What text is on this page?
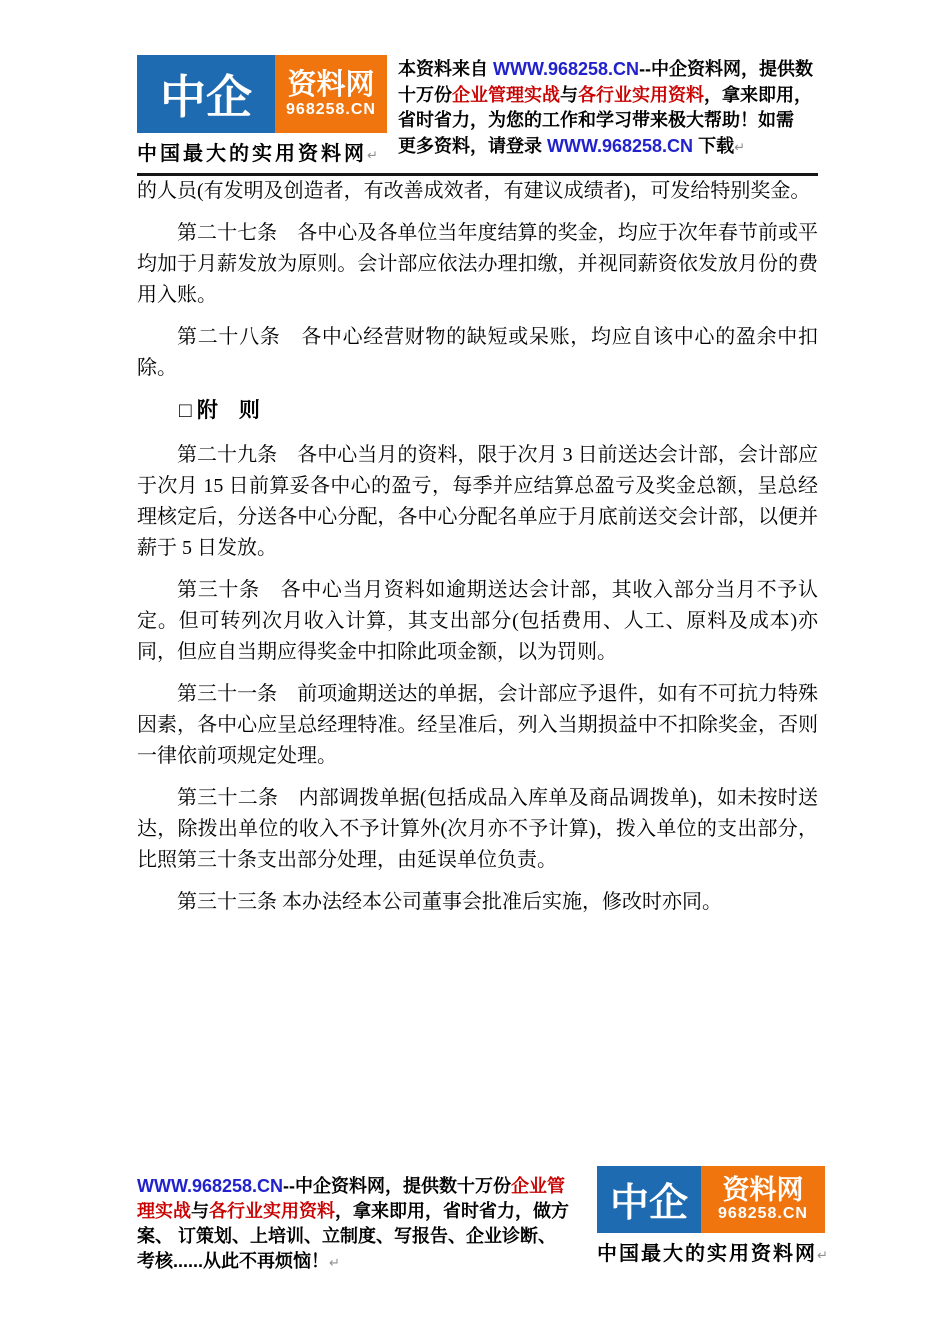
中企 资料网
968258.CN
中国最大的实用资料网↵
本资料来自 WWW.968258.CN--中企资料网，提供数
十万份企业管理实战与各行业实用资料，拿来即用，
省时省力，为您的工作和学习带来极大帮助！如需
更多资料，请登录 WWW.968258.CN 下载↵

的人员(有发明及创造者，有改善成效者，有建议成绩者)，可发给特别奖金。

第二十七条　各中心及各单位当年度结算的奖金，均应于次年春节前或平均加于月薪发放为原则。会计部应依法办理扣缴，并视同薪资依发放月份的费用入账。

第二十八条　各中心经营财物的缺短或呆账，均应自该中心的盈余中扣除。

□ 附　则

第二十九条　各中心当月的资料，限于次月 3 日前送达会计部，会计部应于次月 15 日前算妥各中心的盈亏，每季并应结算总盈亏及奖金总额，呈总经理核定后，分送各中心分配，各中心分配名单应于月底前送交会计部，以便并薪于 5 日发放。

第三十条　各中心当月资料如逾期送达会计部，其收入部分当月不予认定。但可转列次月收入计算，其支出部分(包括费用、人工、原料及成本)亦同，但应自当期应得奖金中扣除此项金额，以为罚则。

第三十一条　前项逾期送达的单据，会计部应予退件，如有不可抗力特殊因素，各中心应呈总经理特准。经呈准后，列入当期损益中不扣除奖金，否则一律依前项规定处理。

第三十二条　内部调拨单据(包括成品入库单及商品调拨单)，如未按时送达，除拨出单位的收入不予计算外(次月亦不予计算)，拨入单位的支出部分，比照第三十条支出部分处理，由延误单位负责。

第三十三条 本办法经本公司董事会批准后实施，修改时亦同。

WWW.968258.CN--中企资料网，提供数十万份企业管
理实战与各行业实用资料，拿来即用，省时省力，做方
案、 订策划、上培训、立制度、写报告、企业诊断、
考核......从此不再烦恼！↵
中企 资料网
968258.CN
中国最大的实用资料网↵
